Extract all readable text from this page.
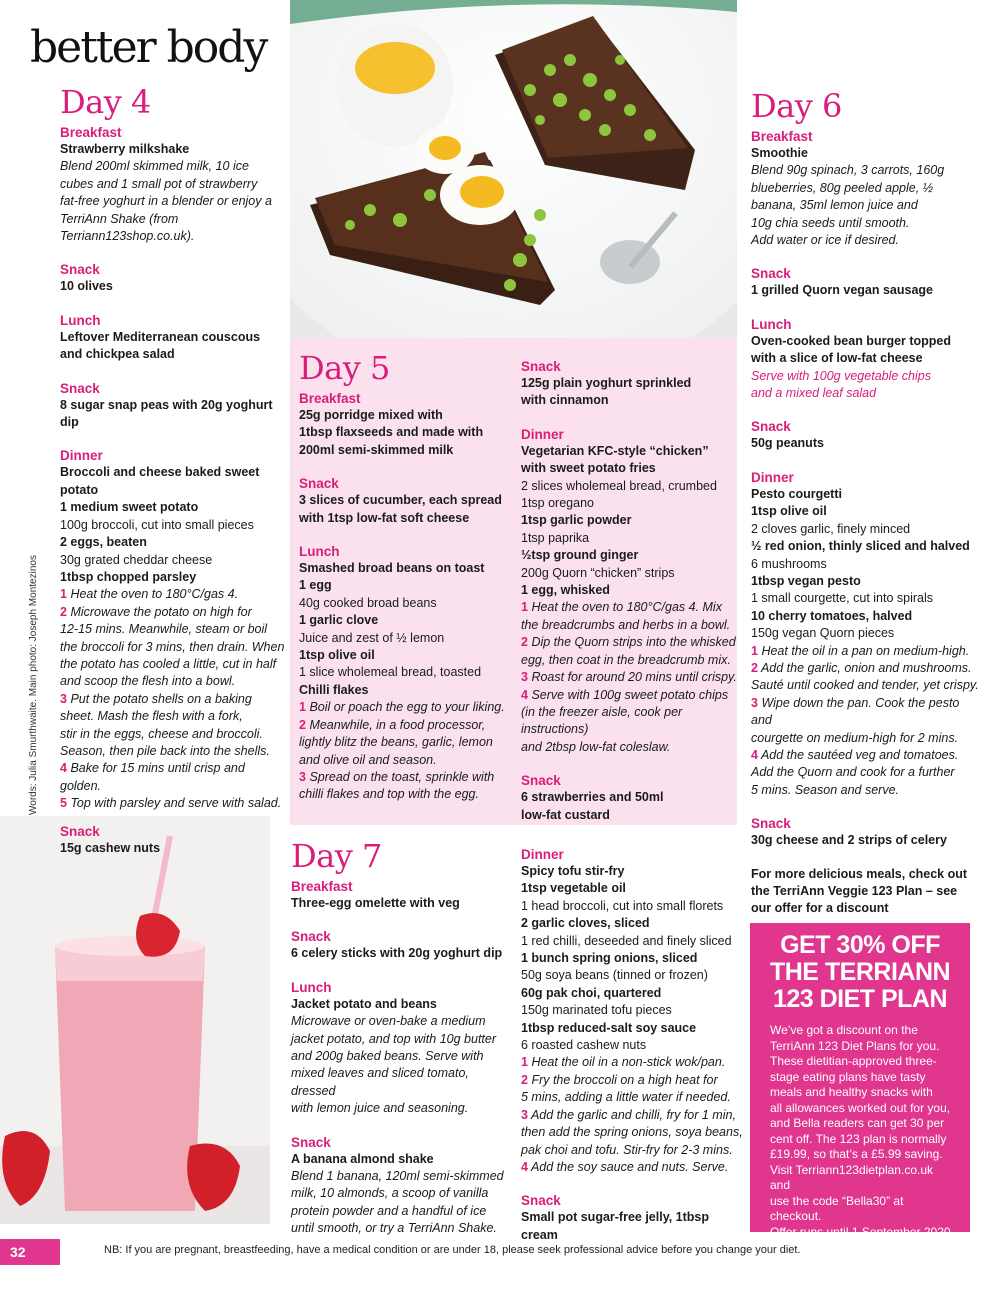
better body
Words: Julia Smurthwaite. Main photo: Joseph Montezinos
Day 4
Breakfast
Strawberry milkshake
Blend 200ml skimmed milk, 10 ice cubes and 1 small pot of strawberry fat-free yoghurt in a blender or enjoy a TerriAnn Shake (from Terriann123shop.co.uk).
Snack
10 olives
Lunch
Leftover Mediterranean couscous
and chickpea salad
Snack
8 sugar snap peas with 20g yoghurt dip
Dinner
Broccoli and cheese baked sweet potato
1 medium sweet potato
100g broccoli, cut into small pieces
2 eggs, beaten
30g grated cheddar cheese
1tbsp chopped parsley
1 Heat the oven to 180°C/gas 4.
2 Microwave the potato on high for
12-15 mins. Meanwhile, steam or boil
the broccoli for 3 mins, then drain. When
the potato has cooled a little, cut in half
and scoop the flesh into a bowl.
3 Put the potato shells on a baking
sheet. Mash the flesh with a fork,
stir in the eggs, cheese and broccoli.
Season, then pile back into the shells.
4 Bake for 15 mins until crisp and golden.
5 Top with parsley and serve with salad.
Snack
15g cashew nuts
Day 5
Breakfast
25g porridge mixed with
1tbsp flaxseeds and made with
200ml semi-skimmed milk
Snack
3 slices of cucumber, each spread
with 1tsp low-fat soft cheese
Lunch
Smashed broad beans on toast
1 egg
40g cooked broad beans
1 garlic clove
Juice and zest of ½ lemon
1tsp olive oil
1 slice wholemeal bread, toasted
Chilli flakes
1 Boil or poach the egg to your liking.
2 Meanwhile, in a food processor,
lightly blitz the beans, garlic, lemon
and olive oil and season.
3 Spread on the toast, sprinkle with
chilli flakes and top with the egg.
Snack
125g plain yoghurt sprinkled
with cinnamon
Dinner
Vegetarian KFC-style “chicken”
with sweet potato fries
2 slices wholemeal bread, crumbed
1tsp oregano
1tsp garlic powder
1tsp paprika
½tsp ground ginger
200g Quorn “chicken” strips
1 egg, whisked
1 Heat the oven to 180°C/gas 4. Mix
the breadcrumbs and herbs in a bowl.
2 Dip the Quorn strips into the whisked
egg, then coat in the breadcrumb mix.
3 Roast for around 20 mins until crispy.
4 Serve with 100g sweet potato chips
(in the freezer aisle, cook per instructions)
and 2tbsp low-fat coleslaw.
Snack
6 strawberries and 50ml
low-fat custard
Day 6
Breakfast
Smoothie
Blend 90g spinach, 3 carrots, 160g
blueberries, 80g peeled apple, ½
banana, 35ml lemon juice and
10g chia seeds until smooth.
Add water or ice if desired.
Snack
1 grilled Quorn vegan sausage
Lunch
Oven-cooked bean burger topped
with a slice of low-fat cheese
Serve with 100g vegetable chips
and a mixed leaf salad
Snack
50g peanuts
Dinner
Pesto courgetti
1tsp olive oil
2 cloves garlic, finely minced
½ red onion, thinly sliced and halved
6 mushrooms
1tbsp vegan pesto
1 small courgette, cut into spirals
10 cherry tomatoes, halved
150g vegan Quorn pieces
1 Heat the oil in a pan on medium-high.
2 Add the garlic, onion and mushrooms.
Sauté until cooked and tender, yet crispy.
3 Wipe down the pan. Cook the pesto and
courgette on medium-high for 2 mins.
4 Add the sautéed veg and tomatoes.
Add the Quorn and cook for a further
5 mins. Season and serve.
Snack
30g cheese and 2 strips of celery
For more delicious meals, check out
the TerriAnn Veggie 123 Plan – see
our offer for a discount
Day 7
Breakfast
Three-egg omelette with veg
Snack
6 celery sticks with 20g yoghurt dip
Lunch
Jacket potato and beans
Microwave or oven-bake a medium
jacket potato, and top with 10g butter
and 200g baked beans. Serve with
mixed leaves and sliced tomato, dressed
with lemon juice and seasoning.
Snack
A banana almond shake
Blend 1 banana, 120ml semi-skimmed
milk, 10 almonds, a scoop of vanilla
protein powder and a handful of ice
until smooth, or try a TerriAnn Shake.
Dinner
Spicy tofu stir-fry
1tsp vegetable oil
1 head broccoli, cut into small florets
2 garlic cloves, sliced
1 red chilli, deseeded and finely sliced
1 bunch spring onions, sliced
50g soya beans (tinned or frozen)
60g pak choi, quartered
150g marinated tofu pieces
1tbsp reduced-salt soy sauce
6 roasted cashew nuts
1 Heat the oil in a non-stick wok/pan.
2 Fry the broccoli on a high heat for
5 mins, adding a little water if needed.
3 Add the garlic and chilli, fry for 1 min,
then add the spring onions, soya beans,
pak choi and tofu. Stir-fry for 2-3 mins.
4 Add the soy sauce and nuts. Serve.
Snack
Small pot sugar-free jelly, 1tbsp cream
GET 30% OFF
THE TERRIANN
123 DIET PLAN
We’ve got a discount on the
TerriAnn 123 Diet Plans for you.
These dietitian-approved three-
stage eating plans have tasty
meals and healthy snacks with
all allowances worked out for you,
and Bella readers can get 30 per
cent off. The 123 plan is normally
£19.99, so that’s a £5.99 saving.
Visit Terriann123dietplan.co.uk and
use the code “Bella30” at checkout.
Offer runs until 1 September 2020.
32 Bella
NB: If you are pregnant, breastfeeding, have a medical condition or are under 18, please seek professional advice before you change your diet.
